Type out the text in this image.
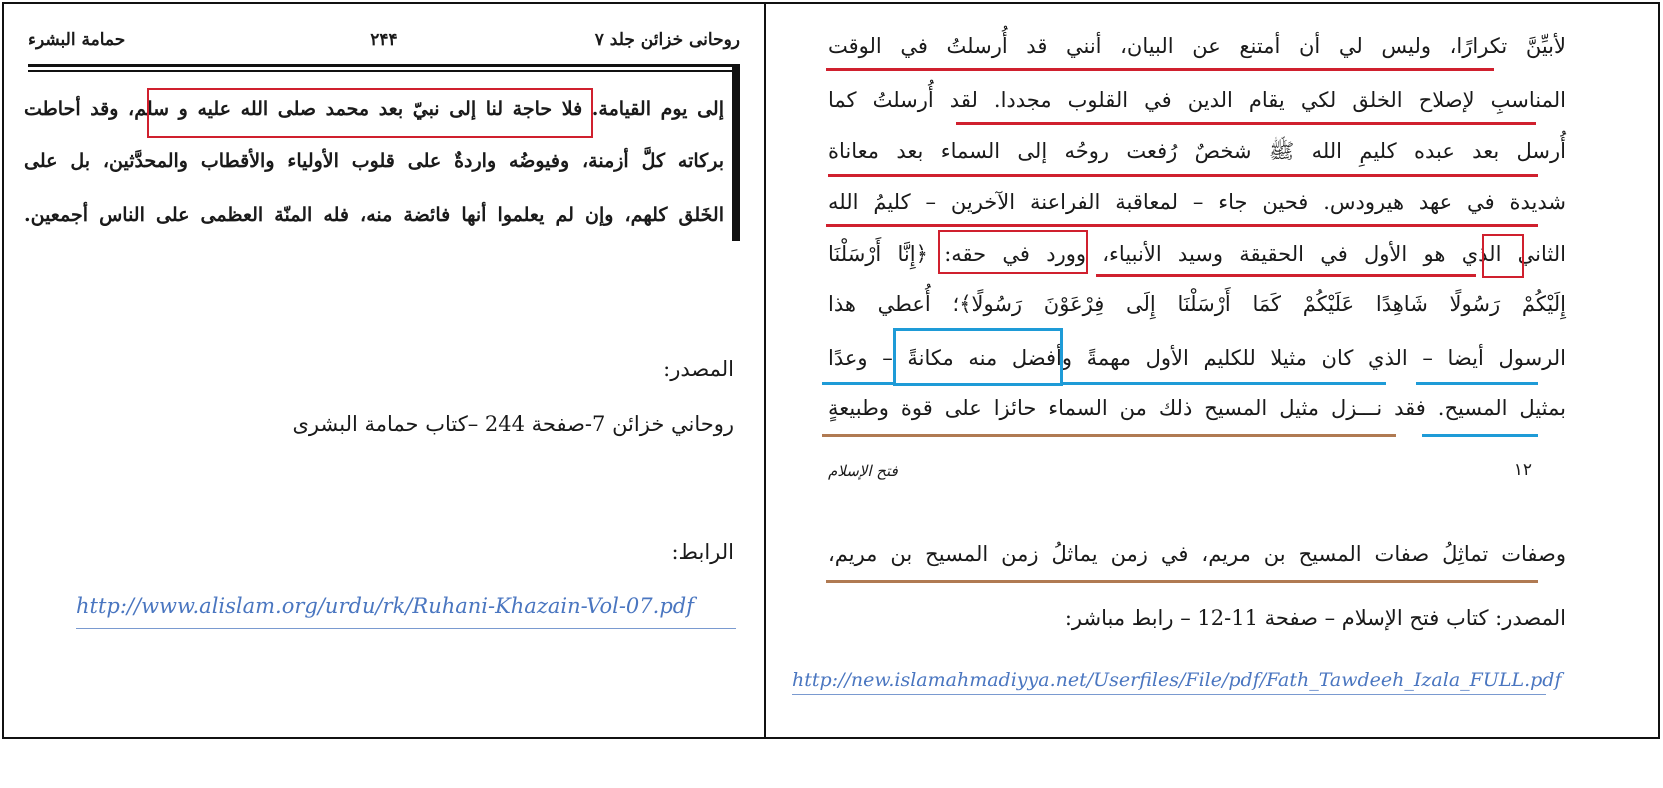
روحانی خزائن جلد ۷
۲۴۴
حمامة البشرء
إلى يوم القيامة. فلا حاجة لنا إلى نبيّ بعد محمد صلى الله عليه و سلم، وقد أحاطت
بركاته كلَّ أزمنة، وفيوضُه واردةٌ على قلوب الأولياء والأقطاب والمحدَّثين، بل على
الخَلق كلهم، وإن لم يعلموا أنها فائضة منه، فله المنّة العظمى على الناس أجمعين.
المصدر:
روحاني خزائن 7-صفحة 244 –كتاب حمامة البشرى
الرابط:
http://www.alislam.org/urdu/rk/Ruhani-Khazain-Vol-07.pdf
لأبيِّنَّ تكرارًا، وليس لي أن أمتنع عن البيان، أنني قد أُرسلتُ في الوقت
المناسبِ لإصلاح الخلق لكي يقام الدين في القلوب مجددا. لقد أُرسلتُ كما
أُرسل بعد عبده كليمِ الله ﷺ شخصٌ رُفعت روحُه إلى السماء بعد معاناة
شديدة في عهد هيرودس. فحين جاء – لمعاقبة الفراعنة الآخرين – كليمُ الله
الثاني الذي هو الأول في الحقيقة وسيد الأنبياء، وورد في حقه: ﴿إِنَّا أَرْسَلْنَا
إِلَيْكُمْ رَسُولًا شَاهِدًا عَلَيْكُمْ كَمَا أَرْسَلْنَا إِلَى فِرْعَوْنَ رَسُولًا﴾؛ أُعطي هذا
الرسول أيضا – الذي كان مثيلا للكليم الأول مهمةً وأفضل منه مكانةً – وعدًا
بمثيل المسيح. فقد نـــزل مثيل المسيح ذلك من السماء حائزا على قوة وطبيعةٍ
فتح الإسلام	١٢
وصفات تماثِلُ صفات المسيح بن مريم، في زمن يماثلُ زمن المسيح بن مريم،
المصدر: كتاب فتح الإسلام – صفحة 11-12 – رابط مباشر:
http://new.islamahmadiyya.net/Userfiles/File/pdf/Fath_Tawdeeh_Izala_FULL.pdf
